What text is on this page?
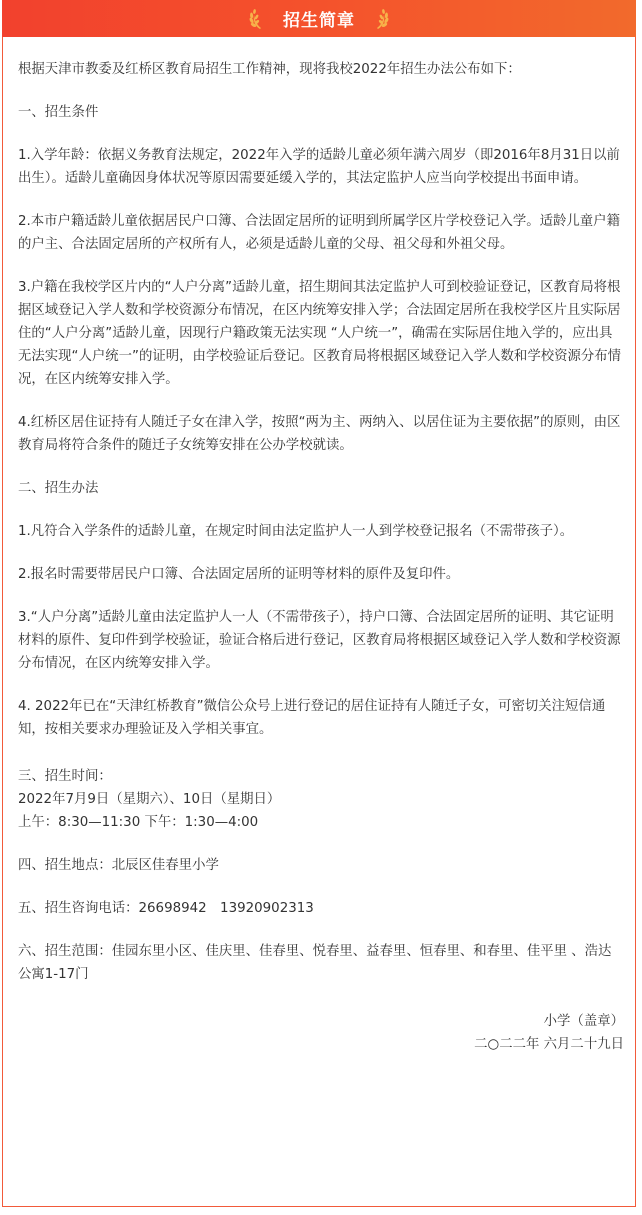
招生简章

根据天津市教委及红桥区教育局招生工作精神，现将我校2022年招生办法公布如下：

一、招生条件

1.入学年龄：依据义务教育法规定，2022年入学的适龄儿童必须年满六周岁（即2016年8月31日以前出生）。适龄儿童确因身体状况等原因需要延缓入学的，其法定监护人应当向学校提出书面申请。

2.本市户籍适龄儿童依据居民户口簿、合法固定居所的证明到所属学区片学校登记入学。适龄儿童户籍的户主、合法固定居所的产权所有人，必须是适龄儿童的父母、祖父母和外祖父母。

3.户籍在我校学区片内的“人户分离”适龄儿童，招生期间其法定监护人可到校验证登记，区教育局将根据区域登记入学人数和学校资源分布情况，在区内统筹安排入学；合法固定居所在我校学区片且实际居住的“人户分离”适龄儿童，因现行户籍政策无法实现 “人户统一”，确需在实际居住地入学的，应出具无法实现“人户统一”的证明，由学校验证后登记。区教育局将根据区域登记入学人数和学校资源分布情况，在区内统筹安排入学。

4.红桥区居住证持有人随迁子女在津入学，按照“两为主、两纳入、以居住证为主要依据”的原则，由区教育局将符合条件的随迁子女统筹安排在公办学校就读。

二、招生办法

1.凡符合入学条件的适龄儿童，在规定时间由法定监护人一人到学校登记报名（不需带孩子）。

2.报名时需要带居民户口簿、合法固定居所的证明等材料的原件及复印件。

3.“人户分离”适龄儿童由法定监护人一人（不需带孩子），持户口簿、合法固定居所的证明、其它证明材料的原件、复印件到学校验证，验证合格后进行登记，区教育局将根据区域登记入学人数和学校资源分布情况，在区内统筹安排入学。

4. 2022年已在“天津红桥教育”微信公众号上进行登记的居住证持有人随迁子女，可密切关注短信通知，按相关要求办理验证及入学相关事宜。

三、招生时间：

2022年7月9日（星期六）、10日（星期日）

上午：8:30—11:30 下午：1:30—4:00

四、招生地点：北辰区佳春里小学

五、招生咨询电话：26698942　13920902313

六、招生范围：佳园东里小区、佳庆里、佳春里、悦春里、益春里、恒春里、和春里、佳平里 、浩达公寓1-17门

小学（盖章）

二○二二年 六月二十九日
